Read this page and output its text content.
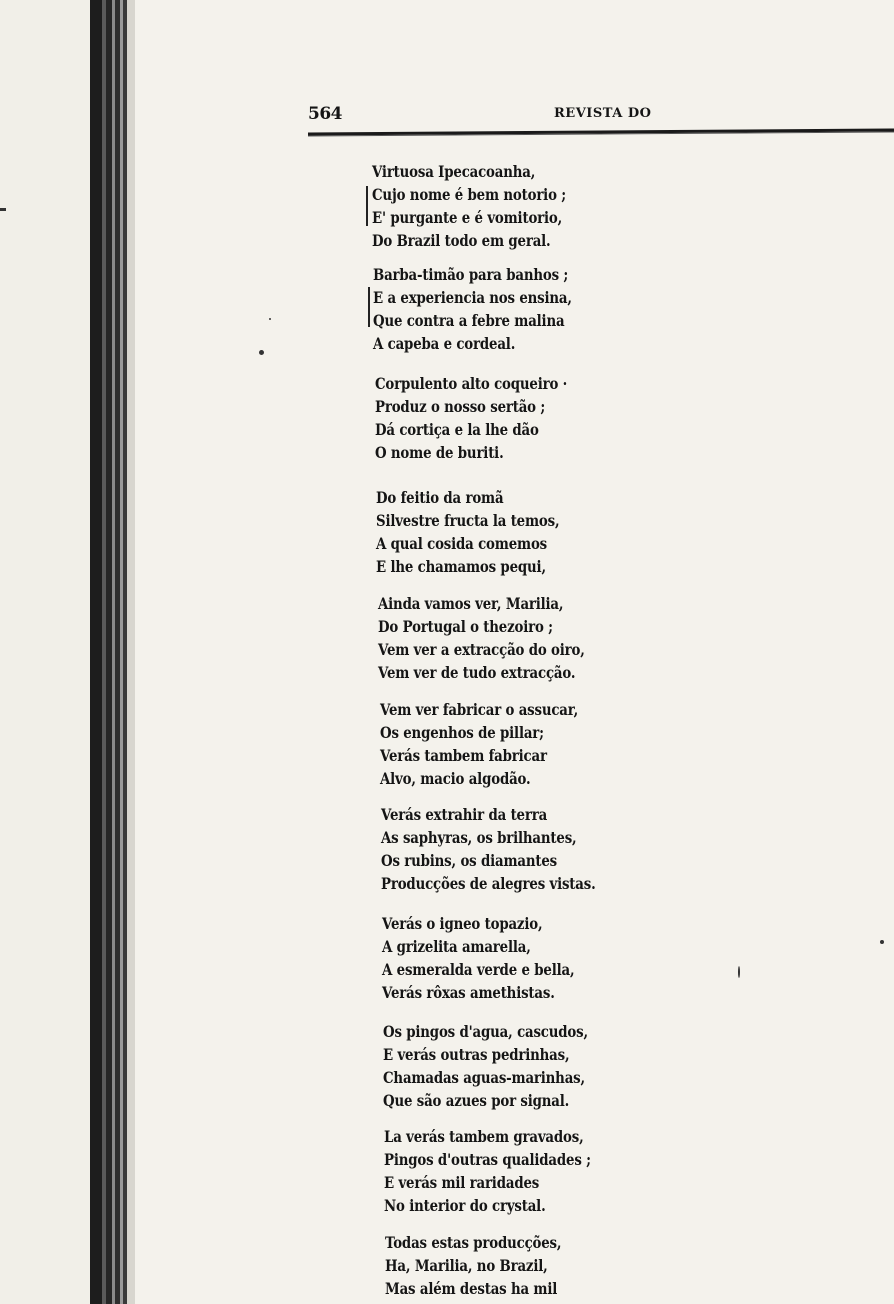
564	REVISTA DO
Virtuosa Ipecacoanha,
Cujo nome é bem notorio ;
E' purgante e é vomitorio,
Do Brazil todo em geral.
Barba-timão para banhos ;
E a experiencia nos ensina,
Que contra a febre malina
A capeba e cordeal.
Corpulento alto coqueiro ·
Produz o nosso sertão ;
Dá cortiça e la lhe dão
O nome de buriti.
Do feitio da romã
Silvestre fructa la temos,
A qual cosida comemos
E lhe chamamos pequi,
Ainda vamos ver, Marilia,
Do Portugal o thezoiro ;
Vem ver a extracção do oiro,
Vem ver de tudo extracção.
Vem ver fabricar o assucar,
Os engenhos de pillar;
Verás tambem fabricar
Alvo, macio algodão.
Verás extrahir da terra
As saphyras, os brilhantes,
Os rubins, os diamantes
Producções de alegres vistas.
Verás o igneo topazio,
A grizelita amarella,
A esmeralda verde e bella,
Verás rôxas amethistas.
Os pingos d'agua, cascudos,
E verás outras pedrinhas,
Chamadas aguas-marinhas,
Que são azues por signal.
La verás tambem gravados,
Pingos d'outras qualidades ;
E verás mil raridades
No interior do crystal.
Todas estas producções,
Ha, Marilia, no Brazil,
Mas além destas ha mil
